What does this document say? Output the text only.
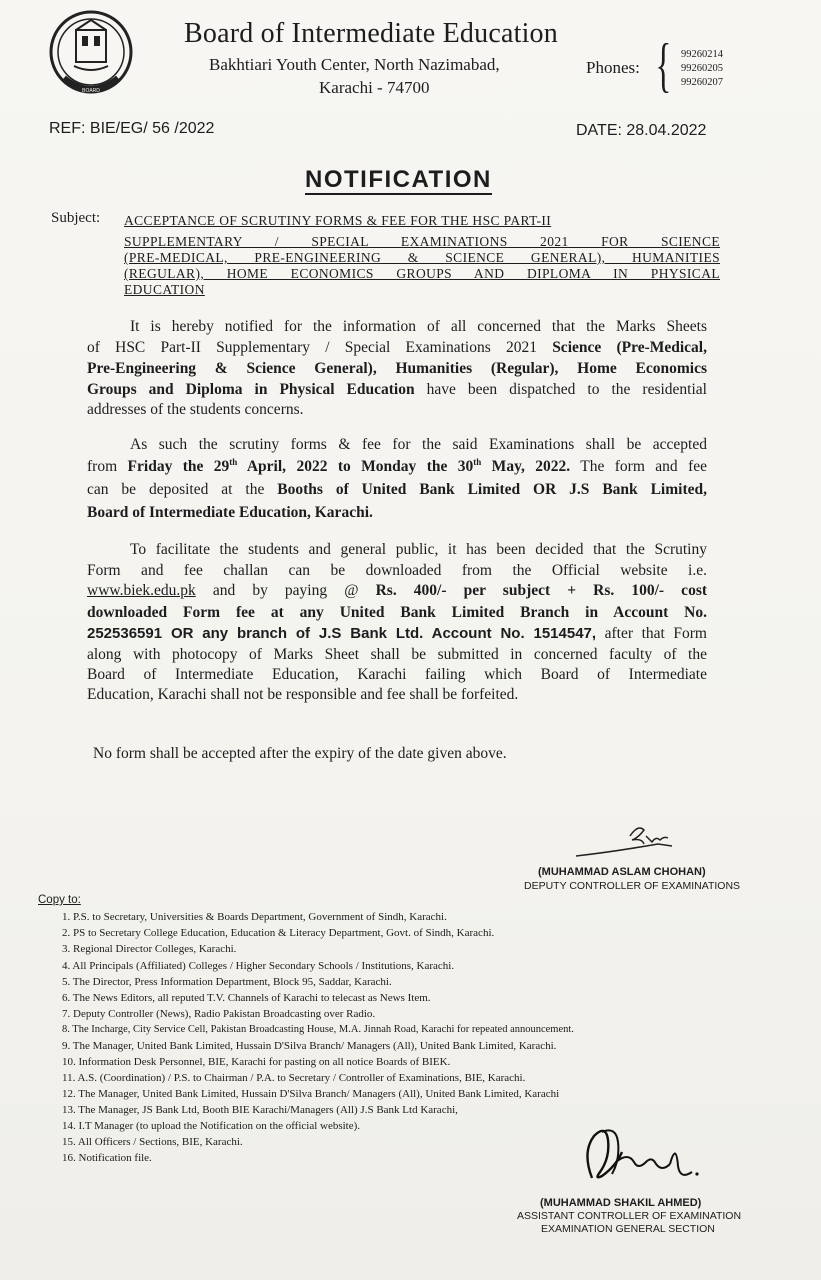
BOARD
Board of Intermediate Education
Bakhtiari Youth Center, North Nazimabad,
Karachi - 74700
Phones: { 99260214
99260205
99260207
REF: BIE/EG/ 56 /2022	DATE: 28.04.2022
NOTIFICATION
Subject: ACCEPTANCE OF SCRUTINY FORMS & FEE FOR THE HSC PART-II
SUPPLEMENTARY / SPECIAL EXAMINATIONS 2021 FOR SCIENCE
(PRE-MEDICAL, PRE-ENGINEERING & SCIENCE GENERAL), HUMANITIES
(REGULAR), HOME ECONOMICS GROUPS AND DIPLOMA IN PHYSICAL
EDUCATION
It is hereby notified for the information of all concerned that the Marks Sheets
of HSC Part-II Supplementary / Special Examinations 2021 Science (Pre-Medical,
Pre-Engineering & Science General), Humanities (Regular), Home Economics
Groups and Diploma in Physical Education have been dispatched to the residential
addresses of the students concerns.
As such the scrutiny forms & fee for the said Examinations shall be accepted
from Friday the 29th April, 2022 to Monday the 30th May, 2022. The form and fee
can be deposited at the Booths of United Bank Limited OR J.S Bank Limited,
Board of Intermediate Education, Karachi.
To facilitate the students and general public, it has been decided that the Scrutiny
Form and fee challan can be downloaded from the Official website i.e.
www.biek.edu.pk and by paying @ Rs. 400/- per subject + Rs. 100/- cost
downloaded Form fee at any United Bank Limited Branch in Account No.
252536591 OR any branch of J.S Bank Ltd. Account No. 1514547, after that Form
along with photocopy of Marks Sheet shall be submitted in concerned faculty of the
Board of Intermediate Education, Karachi failing which Board of Intermediate
Education, Karachi shall not be responsible and fee shall be forfeited.
No form shall be accepted after the expiry of the date given above.
(MUHAMMAD ASLAM CHOHAN)
DEPUTY CONTROLLER OF EXAMINATIONS
Copy to:
1. P.S. to Secretary, Universities & Boards Department, Government of Sindh, Karachi.
2. PS to Secretary College Education, Education & Literacy Department, Govt. of Sindh, Karachi.
3. Regional Director Colleges, Karachi.
4. All Principals (Affiliated) Colleges / Higher Secondary Schools / Institutions, Karachi.
5. The Director, Press Information Department, Block 95, Saddar, Karachi.
6. The News Editors, all reputed T.V. Channels of Karachi to telecast as News Item.
7. Deputy Controller (News), Radio Pakistan Broadcasting over Radio.
8. The Incharge, City Service Cell, Pakistan Broadcasting House, M.A. Jinnah Road, Karachi for repeated announcement.
9. The Manager, United Bank Limited, Hussain D'Silva Branch/ Managers (All), United Bank Limited, Karachi.
10. Information Desk Personnel, BIE, Karachi for pasting on all notice Boards of BIEK.
11. A.S. (Coordination) / P.S. to Chairman / P.A. to Secretary / Controller of Examinations, BIE, Karachi.
12. The Manager, United Bank Limited, Hussain D'Silva Branch/ Managers (All), United Bank Limited, Karachi
13. The Manager, JS Bank Ltd, Booth BIE Karachi/Managers (All) J.S Bank Ltd Karachi,
14. I.T Manager (to upload the Notification on the official website).
15. All Officers / Sections, BIE, Karachi.
16. Notification file.
(MUHAMMAD SHAKIL AHMED)
ASSISTANT CONTROLLER OF EXAMINATION
EXAMINATION GENERAL SECTION
